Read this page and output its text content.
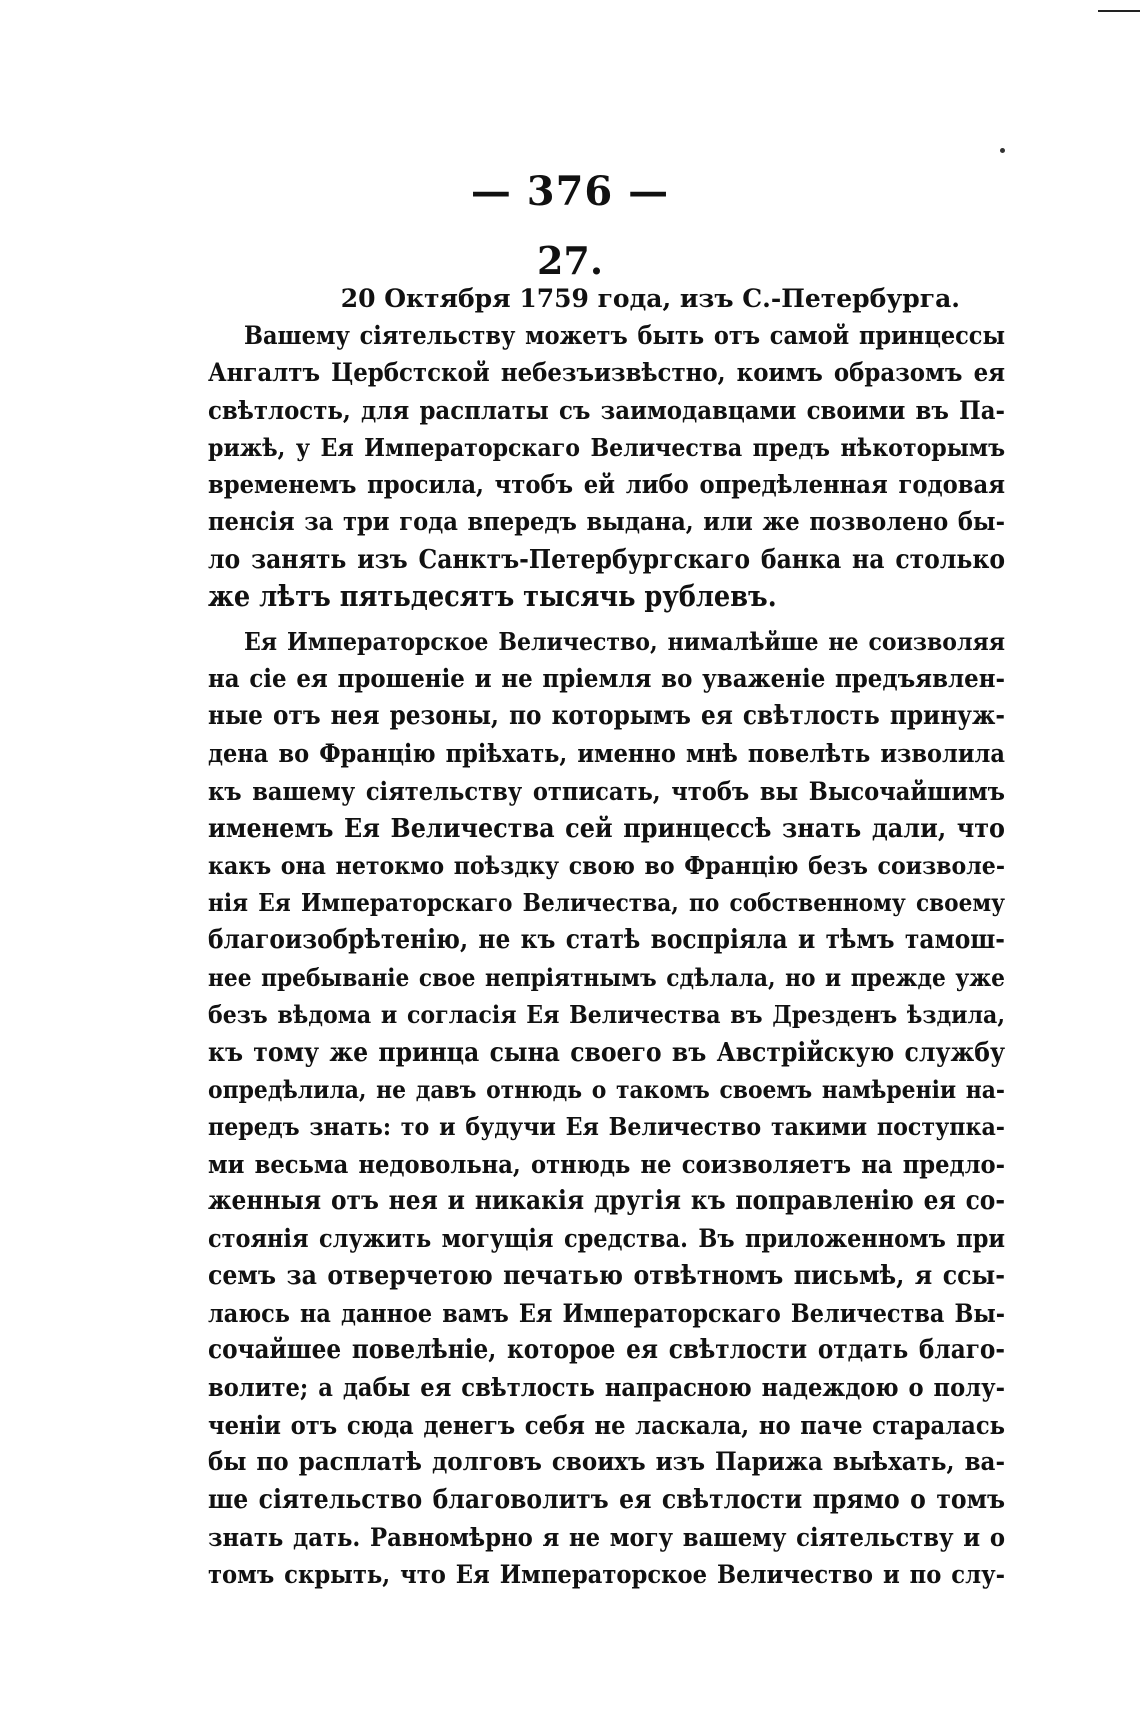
— 376 —
27.
20 Октября 1759 года, изъ С.-Петербурга.
Вашему сіятельству можетъ быть отъ самой принцессы
Ангалтъ Цербстской небезъизвѣстно, коимъ образомъ ея
свѣтлость, для расплаты съ заимодавцами своими въ Па-
рижѣ, у Ея Императорскаго Величества предъ нѣкоторымъ
временемъ просила, чтобъ ей либо опредѣленная годовая
пенсія за три года впередъ выдана, или же позволено бы-
ло занять изъ Санктъ-Петербургскаго банка на столько
же лѣтъ пятьдесятъ тысячь рублевъ.
Ея Императорское Величество, нималѣйше не соизволяя
на сіе ея прошеніе и не пріемля во уваженіе предъявлен-
ные отъ нея резоны, по которымъ ея свѣтлость принуж-
дена во Францію пріѣхать, именно мнѣ повелѣть изволила
къ вашему сіятельству отписать, чтобъ вы Высочайшимъ
именемъ Ея Величества сей принцессѣ знать дали, что
какъ она нетокмо поѣздку свою во Францію безъ соизволе-
нія Ея Императорскаго Величества, по собственному своему
благоизобрѣтенію, не къ статѣ воспріяла и тѣмъ тамош-
нее пребываніе свое непріятнымъ сдѣлала, но и прежде уже
безъ вѣдома и согласія Ея Величества въ Дрезденъ ѣздила,
къ тому же принца сына своего въ Австрійскую службу
опредѣлила, не давъ отнюдь о такомъ своемъ намѣреніи на-
передъ знать: то и будучи Ея Величество такими поступка-
ми весьма недовольна, отнюдь не соизволяетъ на предло-
женныя отъ нея и никакія другія къ поправленію ея со-
стоянія служить могущія средства. Въ приложенномъ при
семъ за отверчетою печатью отвѣтномъ письмѣ, я ссы-
лаюсь на данное вамъ Ея Императорскаго Величества Вы-
сочайшее повелѣніе, которое ея свѣтлости отдать благо-
волите; а дабы ея свѣтлость напрасною надеждою о полу-
ченіи отъ сюда денегъ себя не ласкала, но паче старалась
бы по расплатѣ долговъ своихъ изъ Парижа выѣхать, ва-
ше сіятельство благоволитъ ея свѣтлости прямо о томъ
знать дать. Равномѣрно я не могу вашему сіятельству и о
томъ скрыть, что Ея Императорское Величество и по слу-
